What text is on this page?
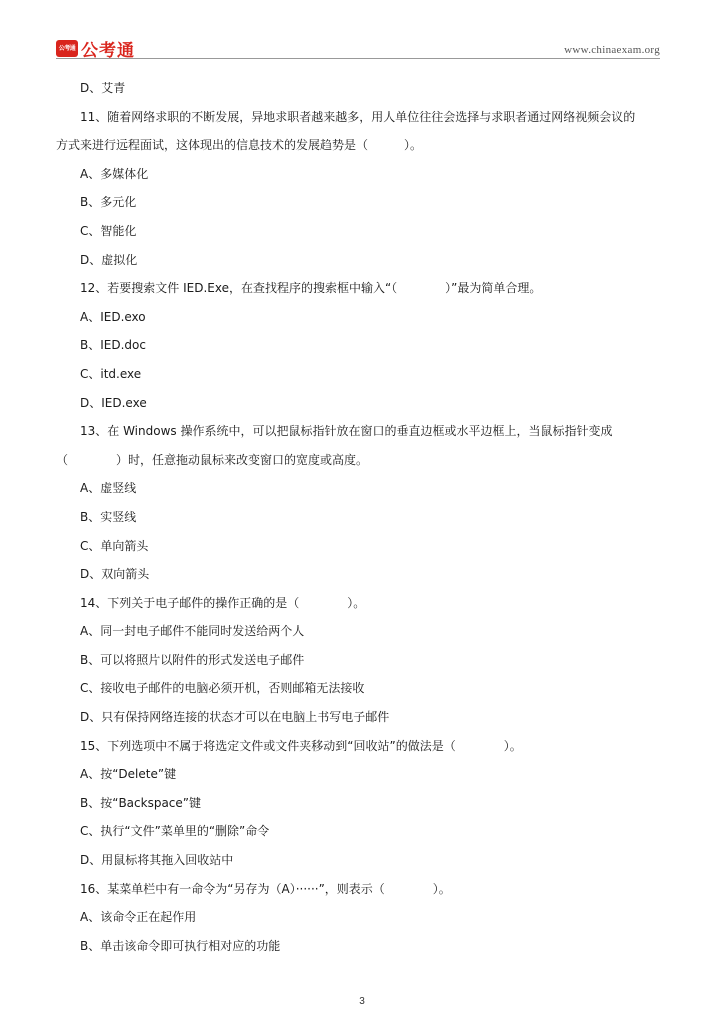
公考通 公考通	www.chinaexam.org
D、艾青
11、随着网络求职的不断发展，异地求职者越来越多，用人单位往往会选择与求职者通过网络视频会议的
方式来进行远程面试，这体现出的信息技术的发展趋势是（　　　）。
A、多媒体化
B、多元化
C、智能化
D、虚拟化
12、若要搜索文件 IED.Exe，在查找程序的搜索框中输入“（　　　　）”最为简单合理。
A、IED.exo
B、IED.doc
C、itd.exe
D、IED.exe
13、在 Windows 操作系统中，可以把鼠标指针放在窗口的垂直边框或水平边框上，当鼠标指针变成
（　　　　）时，任意拖动鼠标来改变窗口的宽度或高度。
A、虚竖线
B、实竖线
C、单向箭头
D、双向箭头
14、下列关于电子邮件的操作正确的是（　　　　）。
A、同一封电子邮件不能同时发送给两个人
B、可以将照片以附件的形式发送电子邮件
C、接收电子邮件的电脑必须开机，否则邮箱无法接收
D、只有保持网络连接的状态才可以在电脑上书写电子邮件
15、下列选项中不属于将选定文件或文件夹移动到“回收站”的做法是（　　　　）。
A、按“Delete”键
B、按“Backspace”键
C、执行“文件”菜单里的“删除”命令
D、用鼠标将其拖入回收站中
16、某菜单栏中有一命令为“另存为（A）······”，则表示（　　　　）。
A、该命令正在起作用
B、单击该命令即可执行相对应的功能
3
